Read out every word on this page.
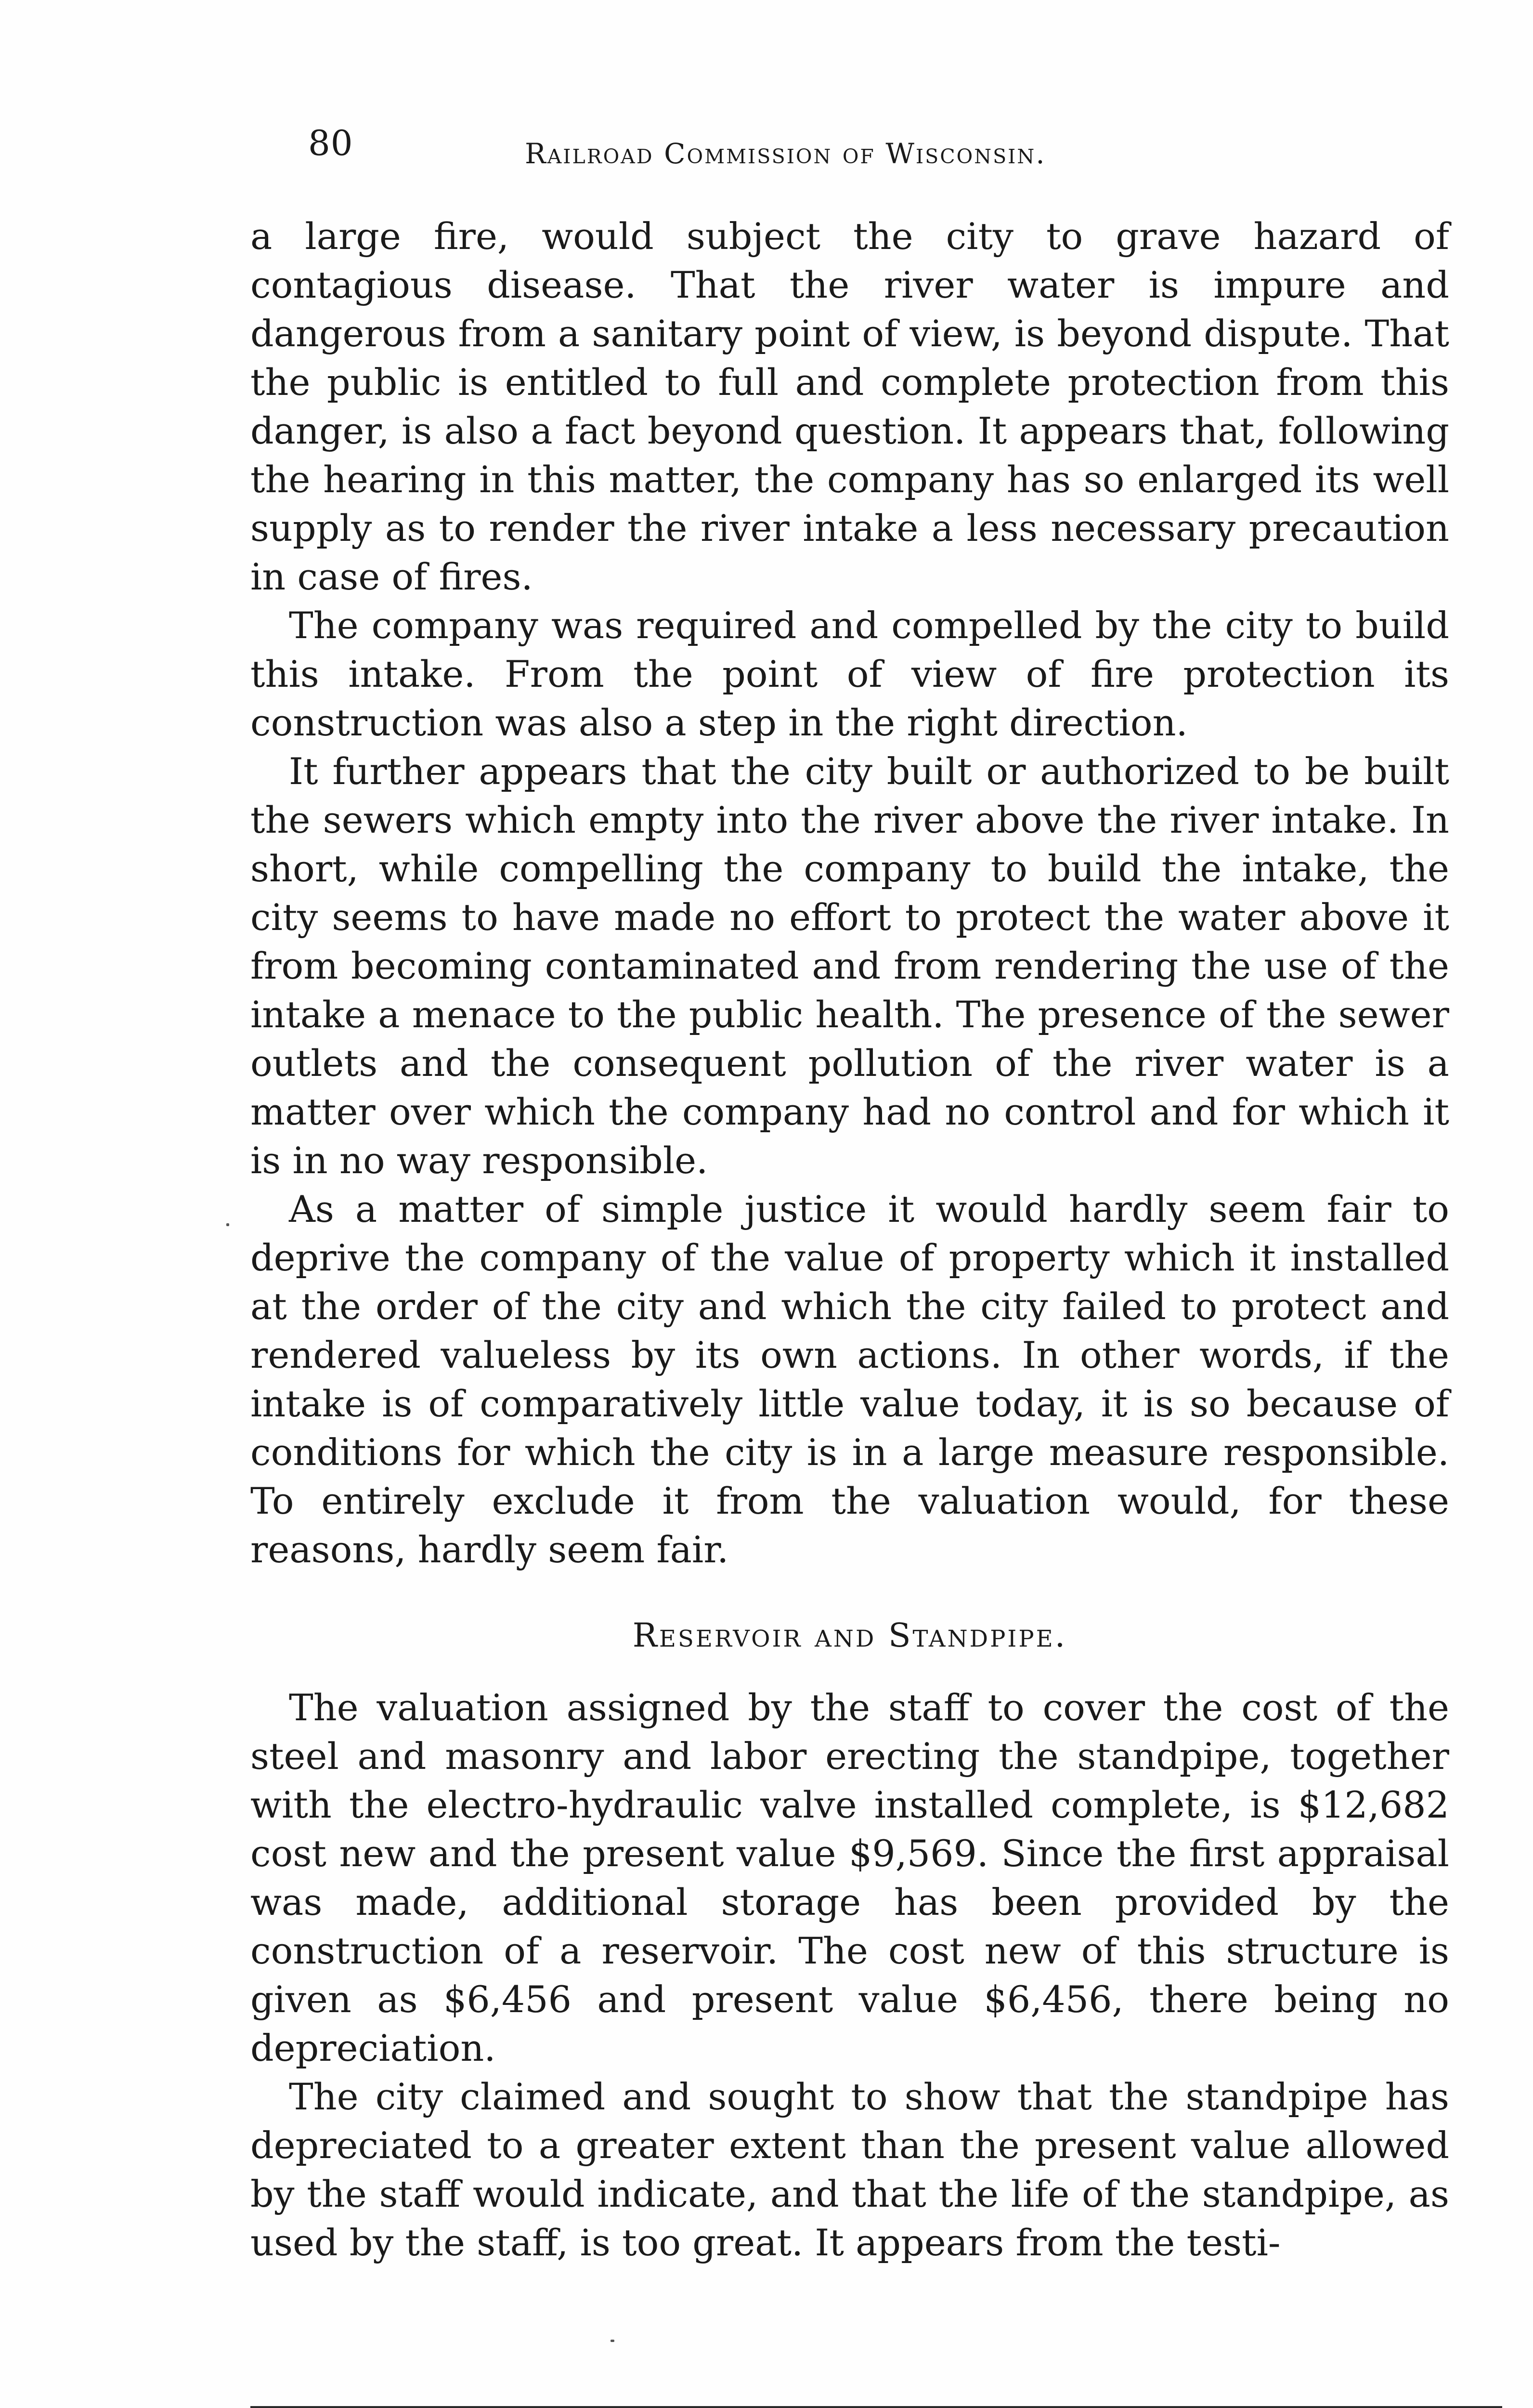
80	Railroad Commission of Wisconsin.

a large fire, would subject the city to grave hazard of contagious disease. That the river water is impure and dangerous from a sanitary point of view, is beyond dispute. That the public is entitled to full and complete protection from this danger, is also a fact beyond question. It appears that, following the hearing in this matter, the company has so enlarged its well supply as to render the river intake a less necessary precaution in case of fires.

The company was required and compelled by the city to build this intake. From the point of view of fire protection its construction was also a step in the right direction.

It further appears that the city built or authorized to be built the sewers which empty into the river above the river intake. In short, while compelling the company to build the intake, the city seems to have made no effort to protect the water above it from becoming contaminated and from rendering the use of the intake a menace to the public health. The presence of the sewer outlets and the consequent pollution of the river water is a matter over which the company had no control and for which it is in no way responsible.

As a matter of simple justice it would hardly seem fair to deprive the company of the value of property which it installed at the order of the city and which the city failed to protect and rendered valueless by its own actions. In other words, if the intake is of comparatively little value today, it is so because of conditions for which the city is in a large measure responsible. To entirely exclude it from the valuation would, for these reasons, hardly seem fair.

Reservoir and Standpipe.

The valuation assigned by the staff to cover the cost of the steel and masonry and labor erecting the standpipe, together with the electro-hydraulic valve installed complete, is $12,682 cost new and the present value $9,569. Since the first appraisal was made, additional storage has been provided by the construction of a reservoir. The cost new of this structure is given as $6,456 and present value $6,456, there being no depreciation.

The city claimed and sought to show that the standpipe has depreciated to a greater extent than the present value allowed by the staff would indicate, and that the life of the standpipe, as used by the staff, is too great. It appears from the testi-
